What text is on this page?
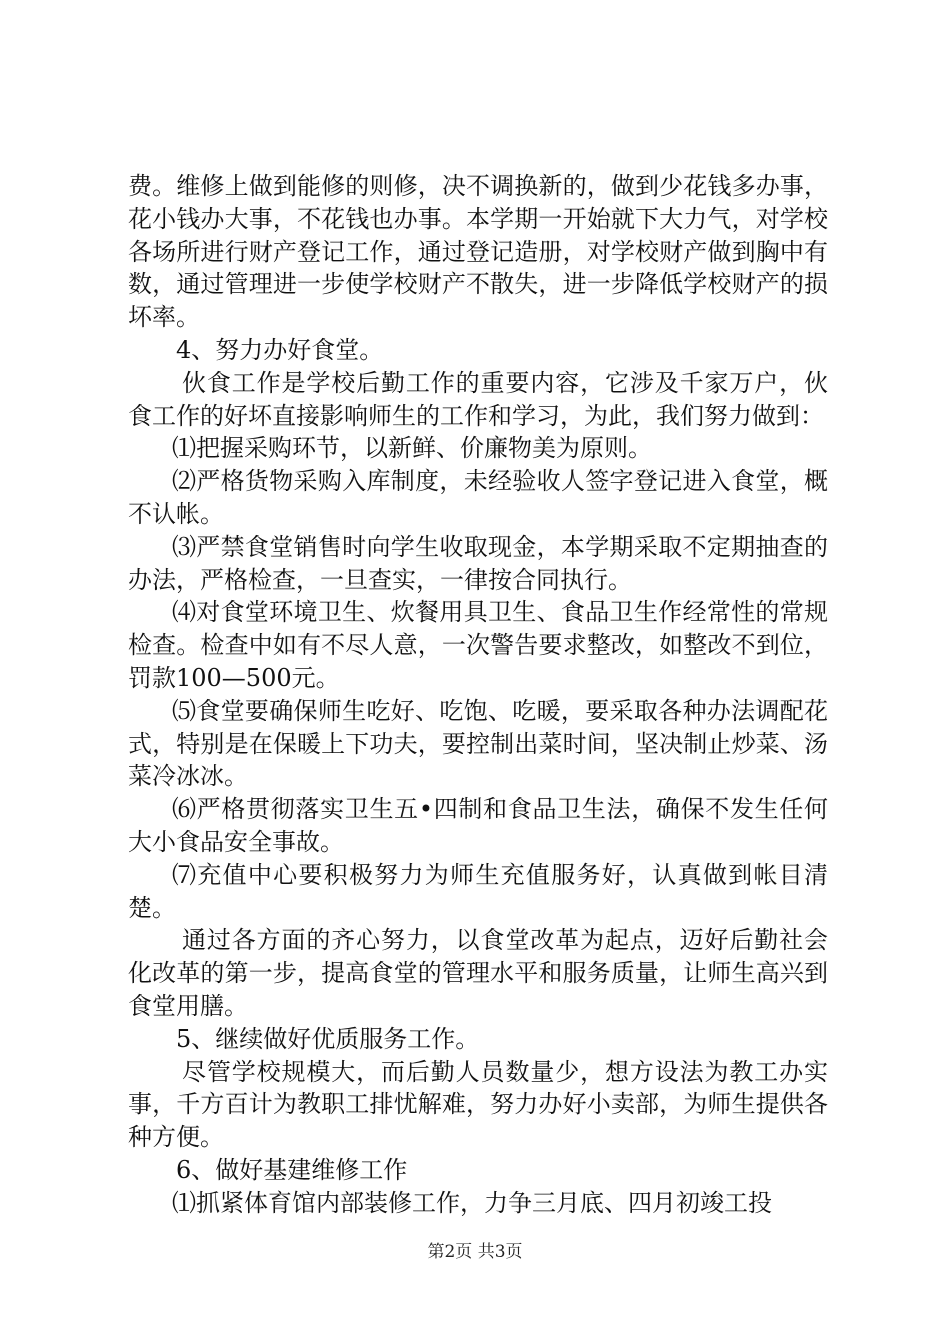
费。维修上做到能修的则修，决不调换新的，做到少花钱多办事，花小钱办大事，不花钱也办事。本学期一开始就下大力气，对学校各场所进行财产登记工作，通过登记造册，对学校财产做到胸中有数，通过管理进一步使学校财产不散失，进一步降低学校财产的损坏率。

4、努力办好食堂。

伙食工作是学校后勤工作的重要内容，它涉及千家万户，伙食工作的好坏直接影响师生的工作和学习，为此，我们努力做到：

⑴把握采购环节，以新鲜、价廉物美为原则。

⑵严格货物采购入库制度，未经验收人签字登记进入食堂，概不认帐。

⑶严禁食堂销售时向学生收取现金，本学期采取不定期抽查的办法，严格检查，一旦查实，一律按合同执行。

⑷对食堂环境卫生、炊餐用具卫生、食品卫生作经常性的常规检查。检查中如有不尽人意，一次警告要求整改，如整改不到位，罚款100—500元。

⑸食堂要确保师生吃好、吃饱、吃暖，要采取各种办法调配花式，特别是在保暖上下功夫，要控制出菜时间，坚决制止炒菜、汤菜冷冰冰。

⑹严格贯彻落实卫生五•四制和食品卫生法，确保不发生任何大小食品安全事故。

⑺充值中心要积极努力为师生充值服务好，认真做到帐目清楚。

通过各方面的齐心努力，以食堂改革为起点，迈好后勤社会化改革的第一步，提高食堂的管理水平和服务质量，让师生高兴到食堂用膳。

5、继续做好优质服务工作。

尽管学校规模大，而后勤人员数量少，想方设法为教工办实事，千方百计为教职工排忧解难，努力办好小卖部，为师生提供各种方便。

6、做好基建维修工作

⑴抓紧体育馆内部装修工作，力争三月底、四月初竣工投

第2页 共3页
